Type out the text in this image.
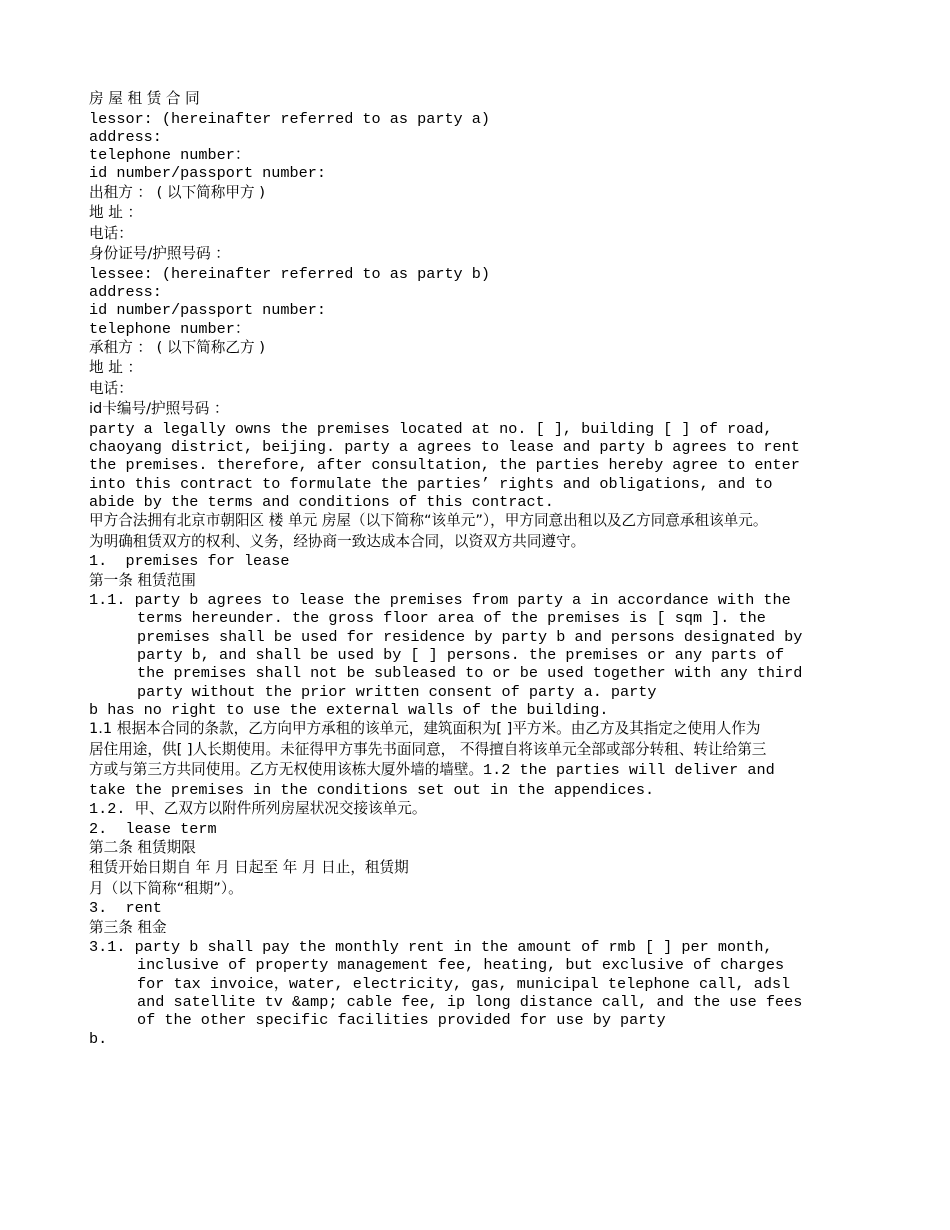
房 屋 租 赁 合 同
lessor: (hereinafter referred to as party a)
address:
telephone number：
id number/passport number:
出租方 ： ( 以下简称甲方 )
地 址 ：
电话：
身份证号/护照号码 ：
lessee: (hereinafter referred to as party b)
address:
id number/passport number:
telephone number：
承租方 ： ( 以下简称乙方 )
地 址 ：
电话：
id卡编号/护照号码 ：
party a legally owns the premises located at no. [ ], building [ ] of road,
chaoyang district, beijing. party a agrees to lease and party b agrees to rent
the premises. therefore, after consultation, the parties hereby agree to enter
into this contract to formulate the parties’ rights and obligations, and to
abide by the terms and conditions of this contract.
甲方合法拥有北京市朝阳区 楼 单元 房屋（以下简称“该单元”），甲方同意出租以及乙方同意承租该单元。
为明确租赁双方的权利、义务，经协商一致达成本合同，以资双方共同遵守。
1.  premises for lease
第一条 租赁范围
1.1. party b agrees to lease the premises from party a in accordance with the
terms hereunder. the gross floor area of the premises is [ sqm ]. the
premises shall be used for residence by party b and persons designated by
party b, and shall be used by [ ] persons. the premises or any parts of
the premises shall not be subleased to or be used together with any third
party without the prior written consent of party a. party
b has no right to use the external walls of the building.
1.1 根据本合同的条款，乙方向甲方承租的该单元，建筑面积为[ ]平方米。由乙方及其指定之使用人作为
居住用途，供[ ]人长期使用。未征得甲方事先书面同意， 不得擅自将该单元全部或部分转租、转让给第三
方或与第三方共同使用。乙方无权使用该栋大厦外墙的墙壁。1.2 the parties will deliver and
take the premises in the conditions set out in the appendices.
1.2. 甲、乙双方以附件所列房屋状况交接该单元。
2.  lease term
第二条 租赁期限
租赁开始日期自 年 月 日起至 年 月 日止，租赁期
月（以下简称“租期”）。
3.  rent
第三条 租金
3.1. party b shall pay the monthly rent in the amount of rmb [ ] per month,
inclusive of property management fee, heating, but exclusive of charges
for tax invoice，water, electricity, gas, municipal telephone call, adsl
and satellite tv &amp; cable fee, ip long distance call, and the use fees
of the other specific facilities provided for use by party
b.
